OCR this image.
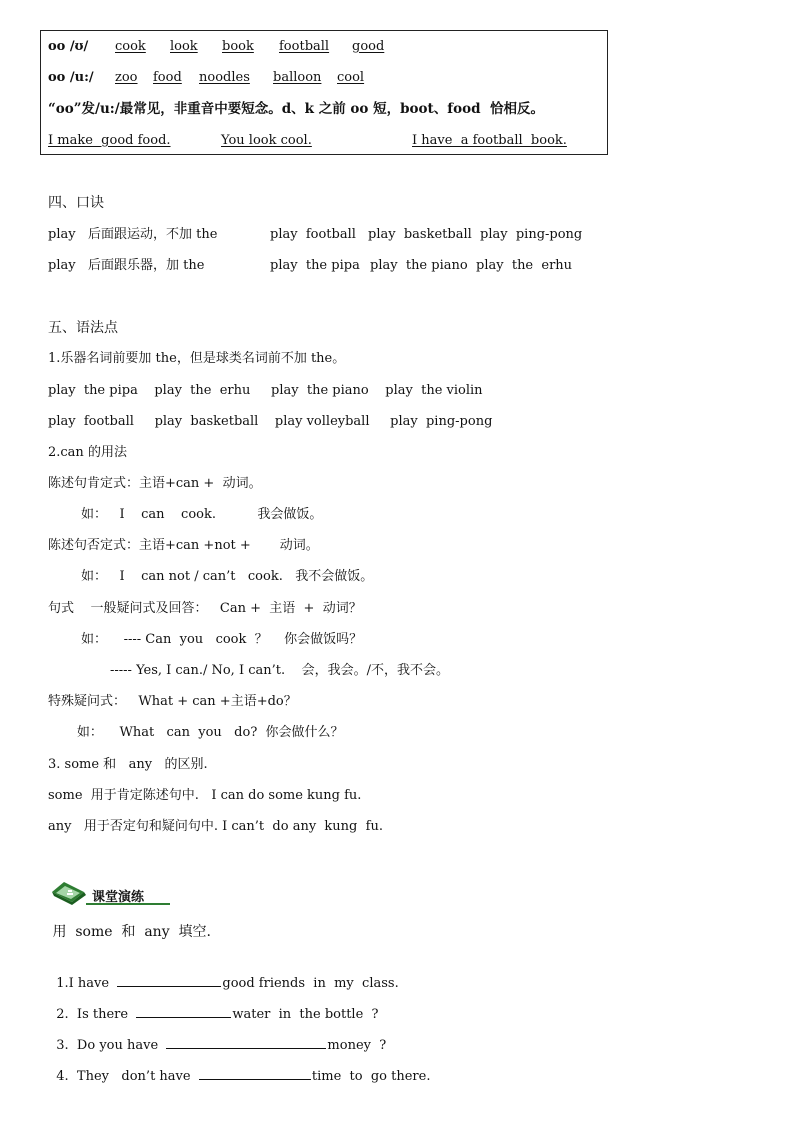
oo /ʊ/ cook look book football good
oo /u:/ zoo food noodles balloon cool
“oo”发/u:/最常见，非重音中要短念。d、k 之前 oo 短，boot、food  恰相反。
I make  good food.	You look cool.	I have  a football  book.
四、口诀
play   后面跟运动，不加 the	play  football play  basketball play  ping-pong
play   后面跟乐器，加 the	play  the pipa play  the piano play  the  erhu
五、语法点
1.乐器名词前要加 the，但是球类名词前不加 the。
play  the pipa    play  the  erhu     play  the piano    play  the violin
play  football     play  basketball    play volleyball     play  ping-pong
2.can 的用法
陈述句肯定式：主语+can +  动词。
如：   I    can    cook.          我会做饭。
陈述句否定式：主语+can +not +       动词。
如：   I    can not / can’t   cook.   我不会做饭。
句式    一般疑问式及回答：   Can +  主语  +  动词？
如：    ---- Can  you   cook  ？    你会做饭吗？
----- Yes, I can./ No, I can’t.    会，我会。/不，我不会。
特殊疑问式：   What + can +主语+do？
如：    What   can  you   do?  你会做什么？
3. some 和   any   的区别.
some  用于肯定陈述句中.   I can do some kung fu.
any   用于否定句和疑问句中. I can’t  do any  kung  fu.
课堂演练
用  some  和  any  填空.

1.I have	good friends  in  my  class.

2.  Is there	water  in  the bottle  ?

3.  Do you have	money  ?

4.  They   don’t have	time  to  go there.
